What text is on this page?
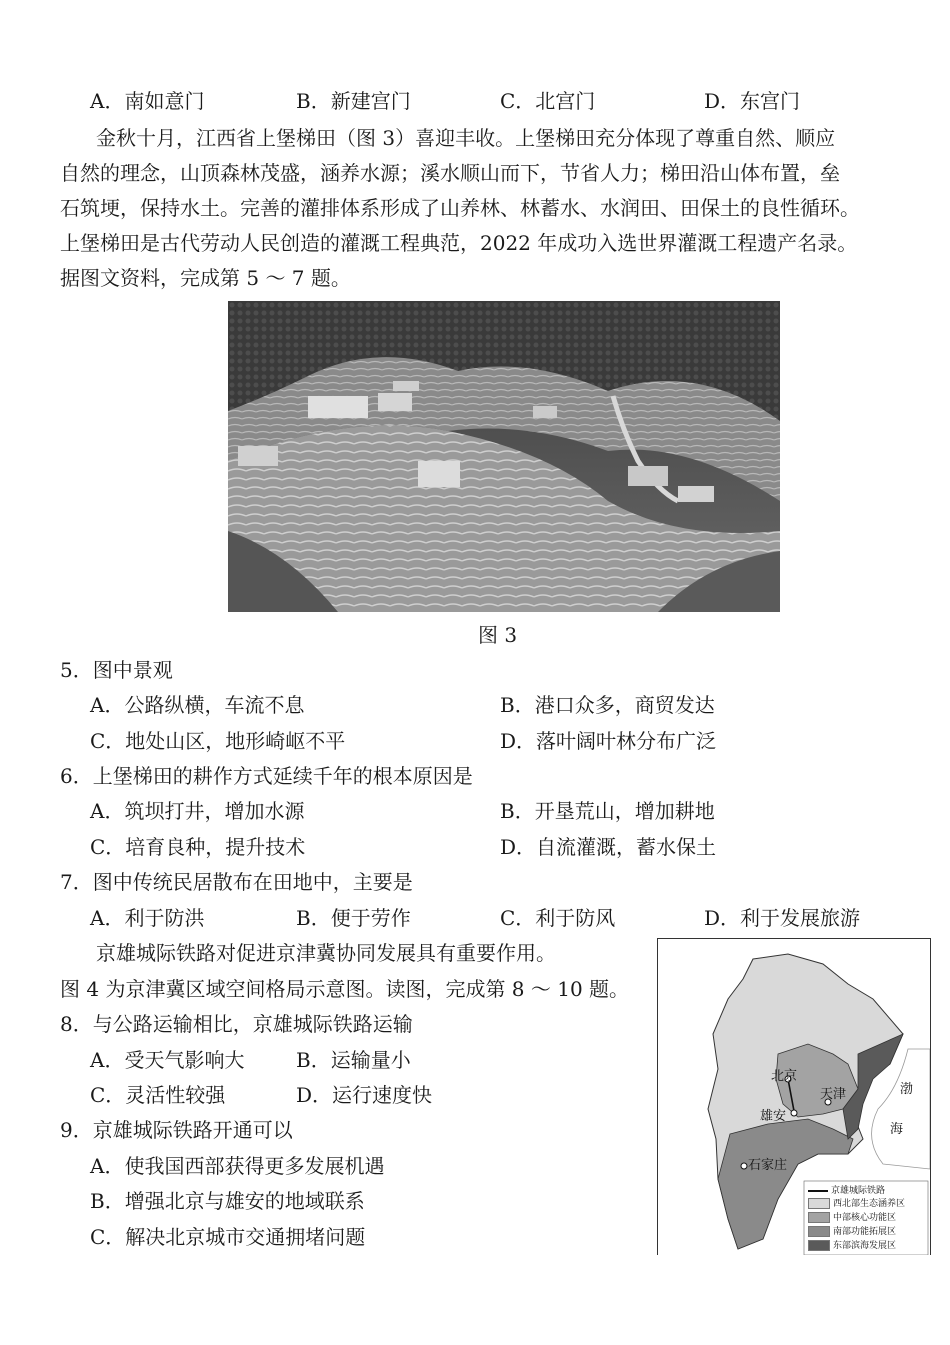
A．南如意门	B．新建宫门	C．北宫门	D．东宫门
金秋十月，江西省上堡梯田（图 3）喜迎丰收。上堡梯田充分体现了尊重自然、顺应
自然的理念，山顶森林茂盛，涵养水源；溪水顺山而下，节省人力；梯田沿山体布置，垒
石筑埂，保持水土。完善的灌排体系形成了山养林、林蓄水、水润田、田保土的良性循环。
上堡梯田是古代劳动人民创造的灌溉工程典范，2022 年成功入选世界灌溉工程遗产名录。
据图文资料，完成第 5 ～ 7 题。
图 3
5．图中景观
A．公路纵横，车流不息	B．港口众多，商贸发达
C．地处山区，地形崎岖不平	D．落叶阔叶林分布广泛
6．上堡梯田的耕作方式延续千年的根本原因是
A．筑坝打井，增加水源	B．开垦荒山，增加耕地
C．培育良种，提升技术	D．自流灌溉，蓄水保土
7．图中传统民居散布在田地中，主要是
A．利于防洪	B．便于劳作	C．利于防风	D．利于发展旅游
京雄城际铁路对促进京津冀协同发展具有重要作用。
图 4 为京津冀区域空间格局示意图。读图，完成第 8 ～ 10 题。
8．与公路运输相比，京雄城际铁路运输
A．受天气影响大	B．运输量小
C．灵活性较强	D．运行速度快
9．京雄城际铁路开通可以
A．使我国西部获得更多发展机遇
B．增强北京与雄安的地域联系
C．解决北京城市交通拥堵问题
北京
天津
雄安
石家庄
渤
海
京雄城际铁路
西北部生态涵养区
中部核心功能区
南部功能拓展区
东部滨海发展区
